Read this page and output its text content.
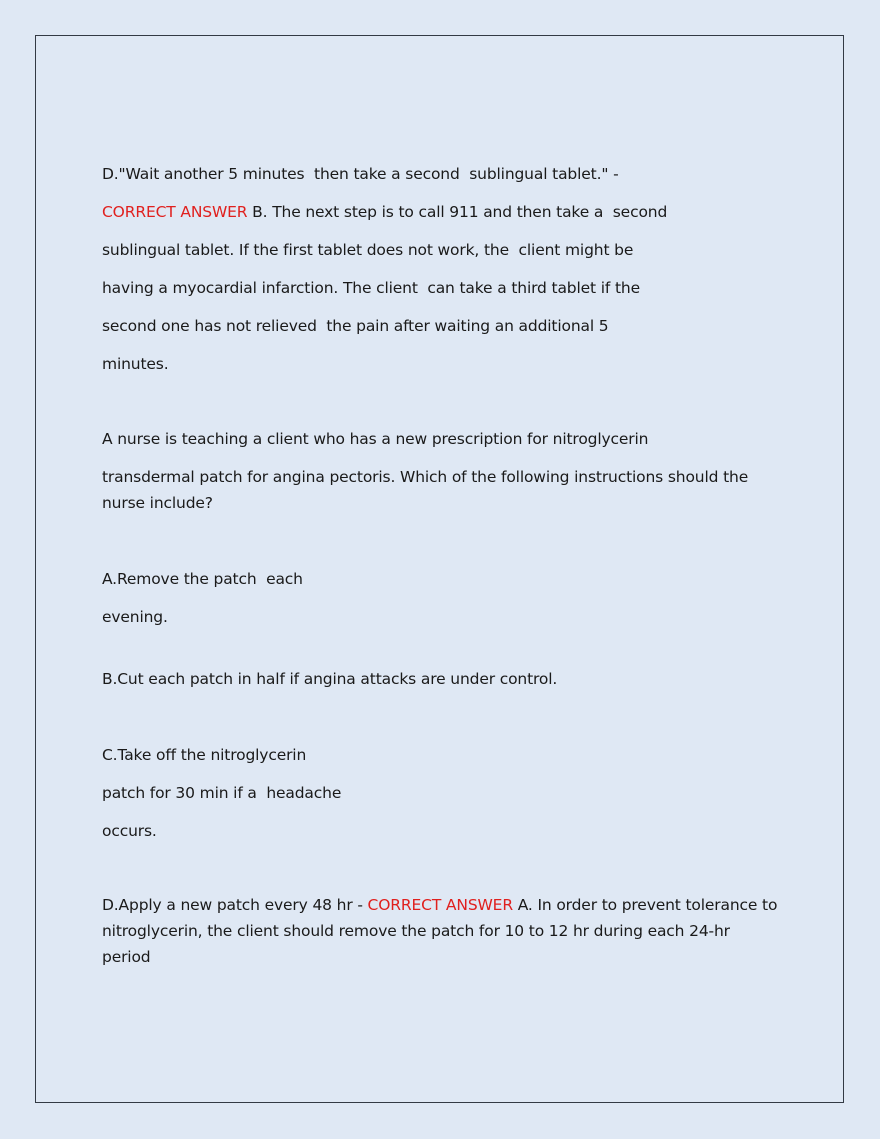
D."Wait another 5 minutes  then take a second  sublingual tablet." -
CORRECT ANSWER B. The next step is to call 911 and then take a  second
sublingual tablet. If the first tablet does not work, the  client might be
having a myocardial infarction. The client  can take a third tablet if the
second one has not relieved  the pain after waiting an additional 5
minutes.
A nurse is teaching a client who has a new prescription for nitroglycerin
transdermal patch for angina pectoris. Which of the following instructions should the
nurse include?
A.Remove the patch  each
evening.
B.Cut each patch in half if angina attacks are under control.
C.Take off the nitroglycerin
patch for 30 min if a  headache
occurs.
D.Apply a new patch every 48 hr - CORRECT ANSWER A. In order to prevent tolerance to
nitroglycerin, the client should remove the patch for 10 to 12 hr during each 24-hr
period
